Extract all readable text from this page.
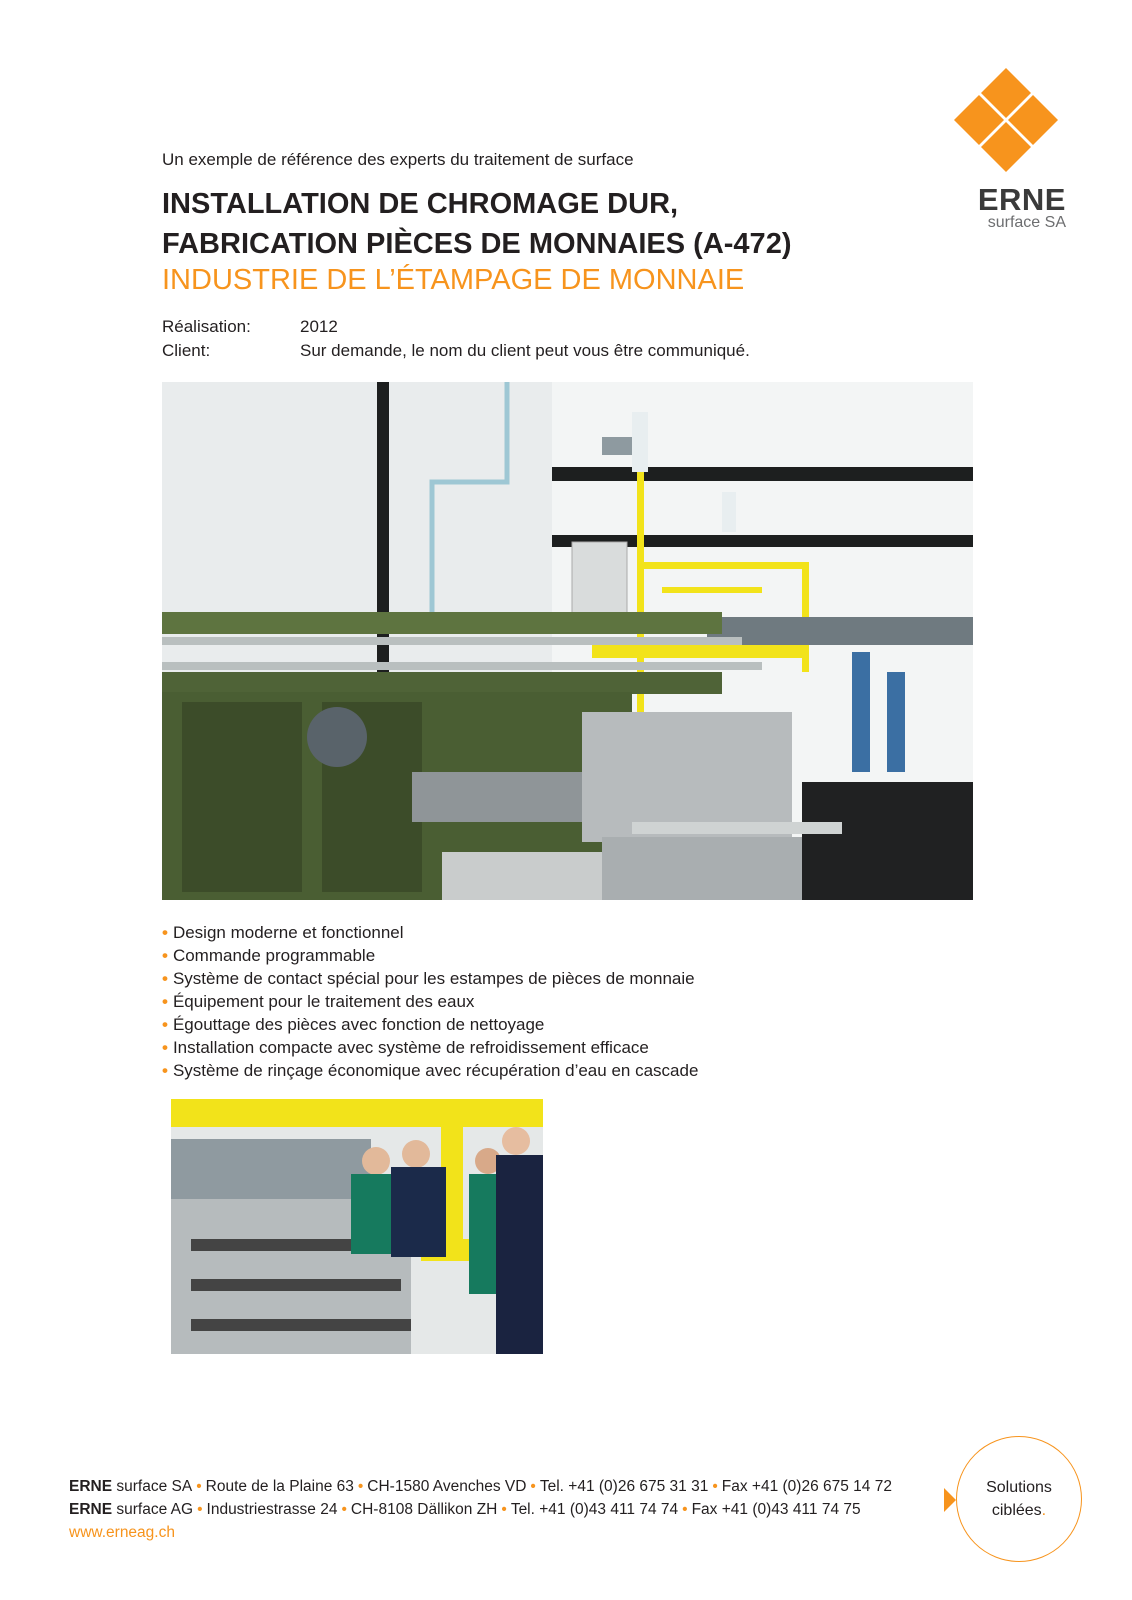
ERNE
surface SA
Un exemple de référence des experts du traitement de surface
INSTALLATION DE CHROMAGE DUR,
FABRICATION PIÈCES DE MONNAIES (A-472)
INDUSTRIE DE L’ÉTAMPAGE DE MONNAIE
Réalisation:	2012
Client:	Sur demande, le nom du client peut vous être communiqué.
• Design moderne et fonctionnel
• Commande programmable
• Système de contact spécial pour les estampes de pièces de monnaie
• Équipement pour le traitement des eaux
• Égouttage des pièces avec fonction de nettoyage
• Installation compacte avec système de refroidissement efficace
• Système de rinçage économique avec récupération d’eau en cascade
ERNE surface SA • Route de la Plaine 63 • CH-1580 Avenches VD • Tel. +41 (0)26 675 31 31 • Fax +41 (0)26 675 14 72
ERNE surface AG • Industriestrasse 24 • CH-8108 Dällikon ZH • Tel. +41 (0)43 411 74 74 • Fax +41 (0)43 411 74 75
www.erneag.ch
Solutions
ciblées.
